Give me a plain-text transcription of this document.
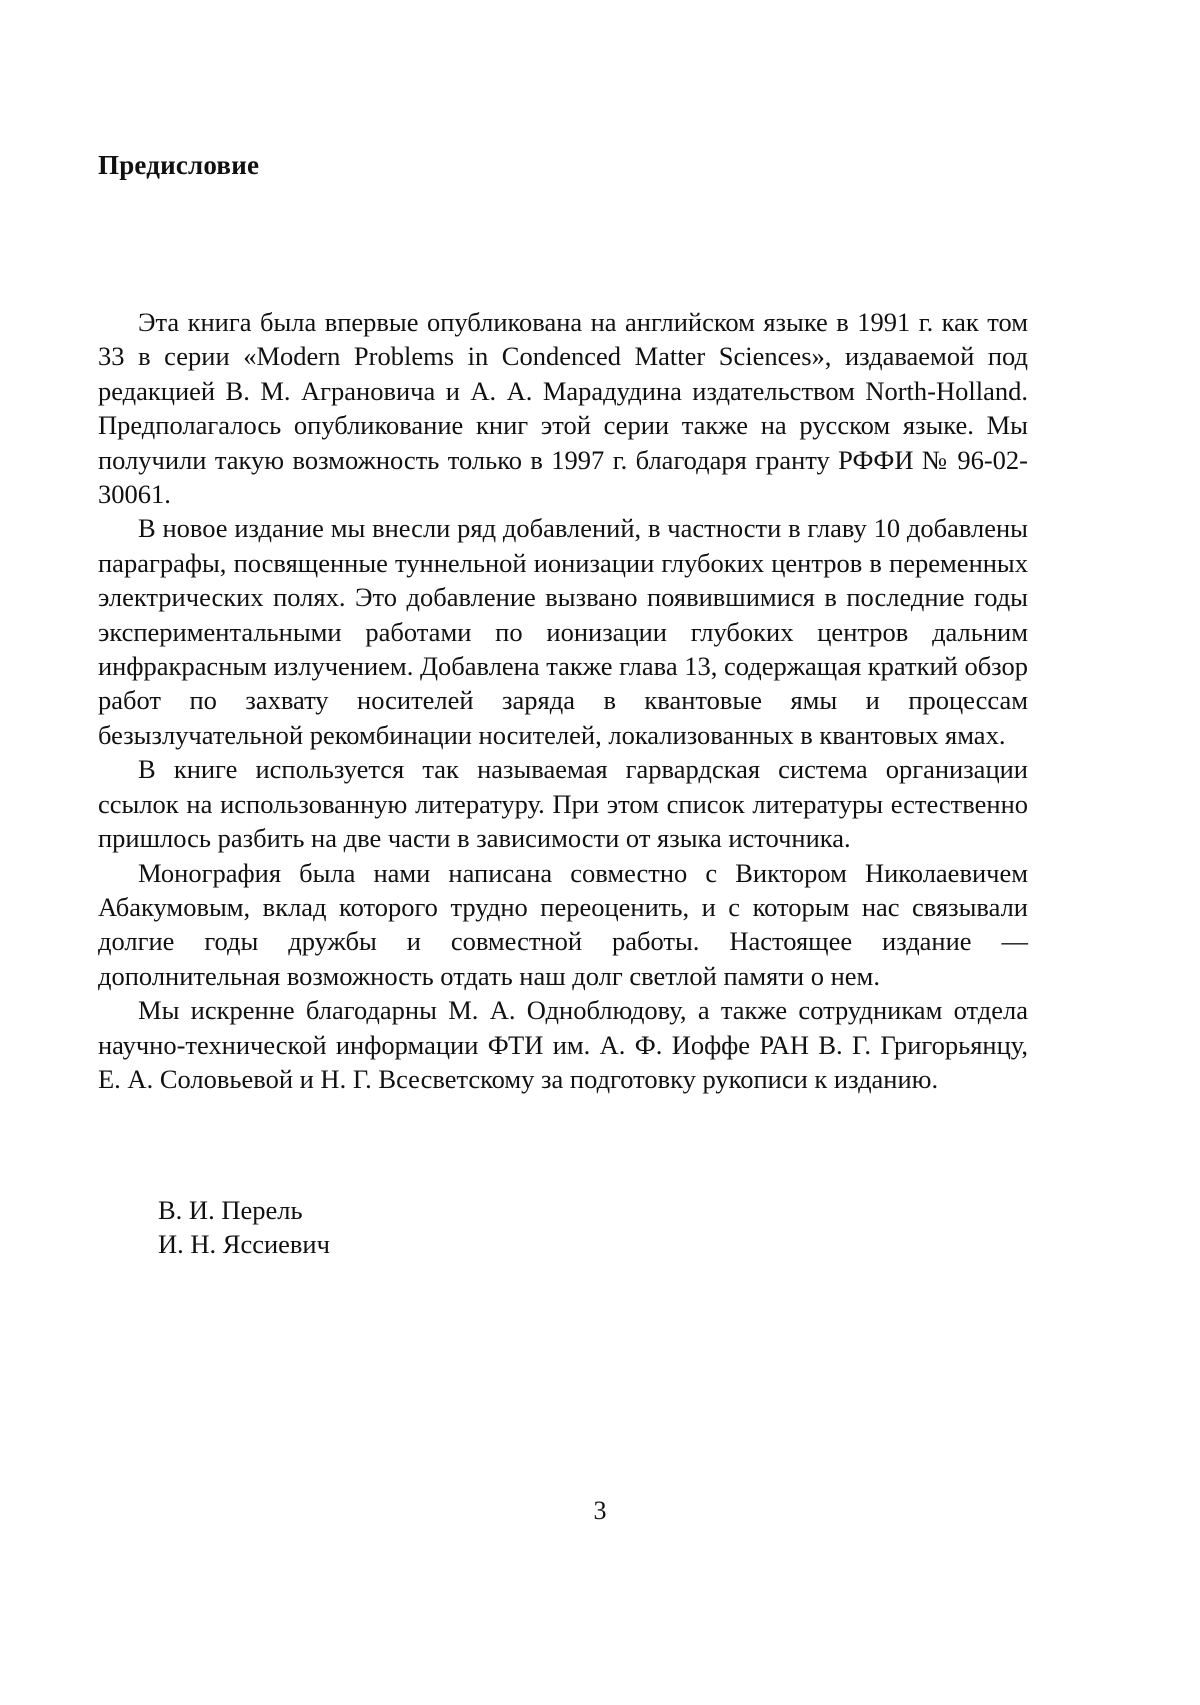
Предисловие

Эта книга была впервые опубликована на английском языке в 1991 г. как том 33 в серии «Modern Problems in Condenced Matter Sciences», издаваемой под редакцией В. М. Аграновича и А. А. Марадудина издательством North-Holland. Предполагалось опубликование книг этой серии также на русском языке. Мы получили такую возможность только в 1997 г. благодаря гранту РФФИ № 96-02-30061.

В новое издание мы внесли ряд добавлений, в частности в главу 10 добавлены параграфы, посвященные туннельной ионизации глубоких центров в переменных электрических полях. Это добавление вызвано появившимися в последние годы экспериментальными работами по ионизации глубоких центров дальним инфракрасным излучением. Добавлена также глава 13, содержащая краткий обзор работ по захвату носителей заряда в квантовые ямы и процессам безызлучательной рекомбинации носителей, локализованных в квантовых ямах.

В книге используется так называемая гарвардская система организации ссылок на использованную литературу. При этом список литературы естественно пришлось разбить на две части в зависимости от языка источника.

Монография была нами написана совместно с Виктором Николаевичем Абакумовым, вклад которого трудно переоценить, и с которым нас связывали долгие годы дружбы и совместной работы. Настоящее издание — дополнительная возможность отдать наш долг светлой памяти о нем.

Мы искренне благодарны М. А. Одноблюдову, а также сотрудникам отдела научно-технической информации ФТИ им. А. Ф. Иоффе РАН В. Г. Григорьянцу, Е. А. Соловьевой и Н. Г. Всесветскому за подготовку рукописи к изданию.

В. И. Перель
И. Н. Яссиевич
3
